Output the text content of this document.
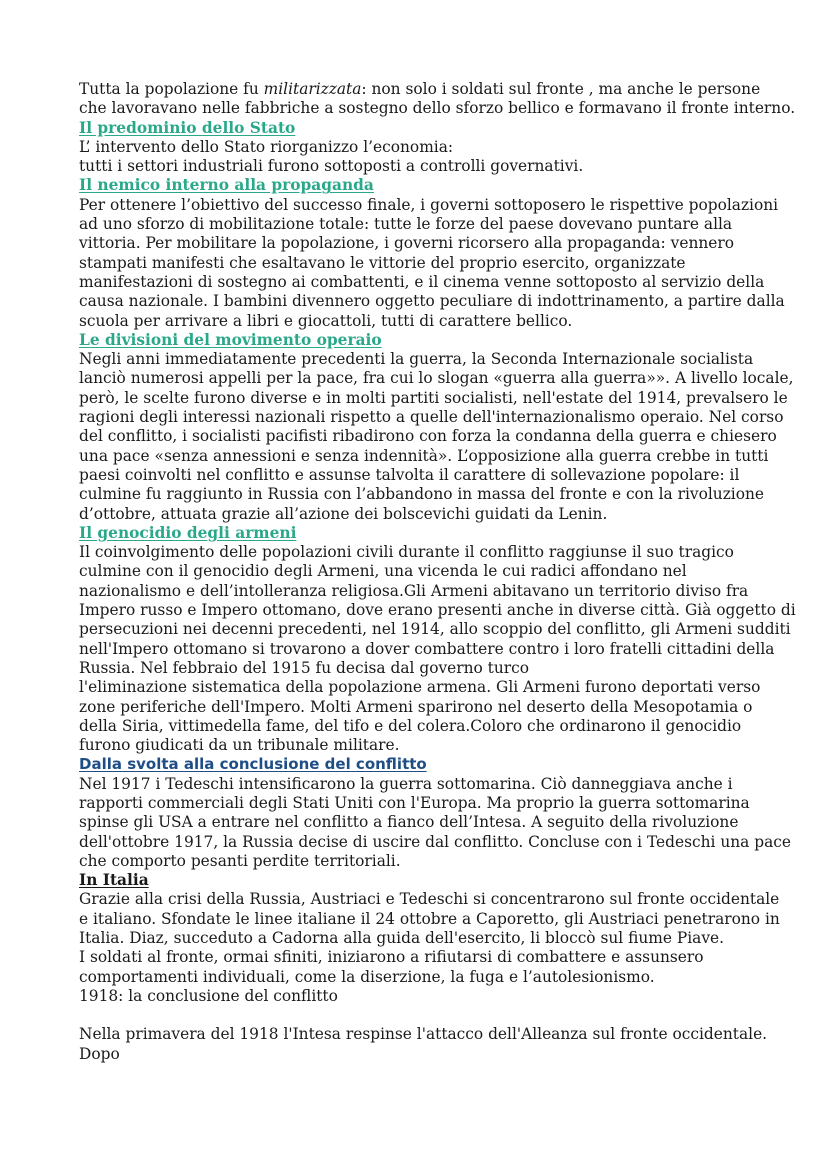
Tutta la popolazione fu militarizzata: non solo i soldati sul fronte , ma anche le persone
che lavoravano nelle fabbriche a sostegno dello sforzo bellico e formavano il fronte interno.

Il predominio dello Stato

L’ intervento dello Stato riorganizzo l’economia:
tutti i settori industriali furono sottoposti a controlli governativi.

Il nemico interno alla propaganda

Per ottenere l’obiettivo del successo finale, i governi sottoposero le rispettive popolazioni
ad uno sforzo di mobilitazione totale: tutte le forze del paese dovevano puntare alla
vittoria. Per mobilitare la popolazione, i governi ricorsero alla propaganda: vennero
stampati manifesti che esaltavano le vittorie del proprio esercito, organizzate
manifestazioni di sostegno ai combattenti, e il cinema venne sottoposto al servizio della
causa nazionale. I bambini divennero oggetto peculiare di indottrinamento, a partire dalla
scuola per arrivare a libri e giocattoli, tutti di carattere bellico.

Le divisioni del movimento operaio

Negli anni immediatamente precedenti la guerra, la Seconda Internazionale socialista
lanciò numerosi appelli per la pace, fra cui lo slogan «guerra alla guerra»». A livello locale,
però, le scelte furono diverse e in molti partiti socialisti, nell'estate del 1914, prevalsero le
ragioni degli interessi nazionali rispetto a quelle dell'internazionalismo operaio. Nel corso
del conflitto, i socialisti pacifisti ribadirono con forza la condanna della guerra e chiesero
una pace «senza annessioni e senza indennità». L’opposizione alla guerra crebbe in tutti
paesi coinvolti nel conflitto e assunse talvolta il carattere di sollevazione popolare: il
culmine fu raggiunto in Russia con l’abbandono in massa del fronte e con la rivoluzione
d’ottobre, attuata grazie all’azione dei bolscevichi guidati da Lenin.

Il genocidio degli armeni

Il coinvolgimento delle popolazioni civili durante il conflitto raggiunse il suo tragico
culmine con il genocidio degli Armeni, una vicenda le cui radici affondano nel
nazionalismo e dell’intolleranza religiosa.Gli Armeni abitavano un territorio diviso fra
Impero russo e Impero ottomano, dove erano presenti anche in diverse città. Già oggetto di
persecuzioni nei decenni precedenti, nel 1914, allo scoppio del conflitto, gli Armeni sudditi
nell'Impero ottomano si trovarono a dover combattere contro i loro fratelli cittadini della
Russia. Nel febbraio del 1915 fu decisa dal governo turco
l'eliminazione sistematica della popolazione armena. Gli Armeni furono deportati verso
zone periferiche dell'Impero. Molti Armeni sparirono nel deserto della Mesopotamia o
della Siria, vittimedella fame, del tifo e del colera.Coloro che ordinarono il genocidio
furono giudicati da un tribunale militare.

Dalla svolta alla conclusione del conflitto

Nel 1917 i Tedeschi intensificarono la guerra sottomarina. Ciò danneggiava anche i
rapporti commerciali degli Stati Uniti con l'Europa. Ma proprio la guerra sottomarina
spinse gli USA a entrare nel conflitto a fianco dell’Intesa. A seguito della rivoluzione
dell'ottobre 1917, la Russia decise di uscire dal conflitto. Concluse con i Tedeschi una pace
che comporto pesanti perdite territoriali.

In Italia

Grazie alla crisi della Russia, Austriaci e Tedeschi si concentrarono sul fronte occidentale
e italiano. Sfondate le linee italiane il 24 ottobre a Caporetto, gli Austriaci penetrarono in
Italia. Diaz, succeduto a Cadorna alla guida dell'esercito, li bloccò sul fiume Piave.
I soldati al fronte, ormai sfiniti, iniziarono a rifiutarsi di combattere e assunsero
comportamenti individuali, come la diserzione, la fuga e l’autolesionismo.
1918: la conclusione del conflitto

Nella primavera del 1918 l'Intesa respinse l'attacco dell'Alleanza sul fronte occidentale.
Dopo
